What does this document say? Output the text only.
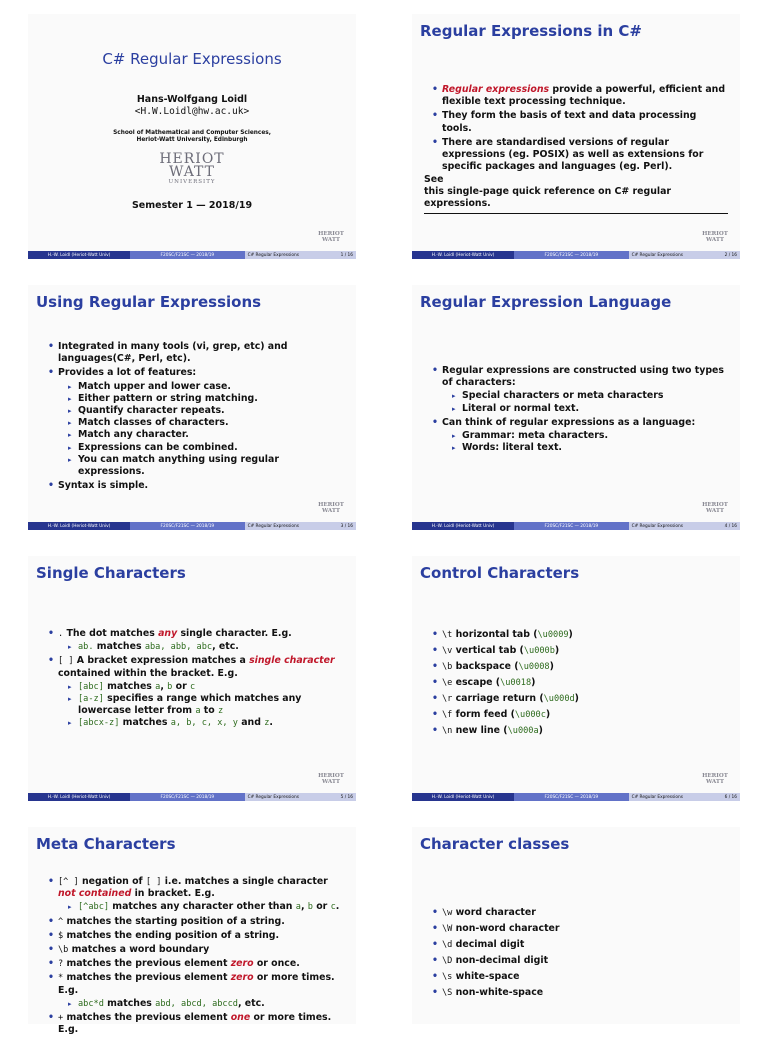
C# Regular Expressions
Hans-Wolfgang Loidl
<H.W.Loidl@hw.ac.uk>
School of Mathematical and Computer Sciences,
Heriot-Watt University, Edinburgh
HERIOT
WATT
UNIVERSITY
Semester 1 — 2018/19
HERIOT
WATT
H.-W. Loidl (Heriot-Watt Univ)	F20SC/F21SC — 2018/19	C# Regular Expressions	1 / 16
Regular Expressions in C#
• Regular expressions provide a powerful, efficient and flexible text processing technique.
• They form the basis of text and data processing tools.
• There are standardised versions of regular expressions (eg. POSIX) as well as extensions for specific packages and languages (eg. Perl).
See
this single-page quick reference on C# regular expressions.
HERIOT
WATT
H.-W. Loidl (Heriot-Watt Univ)	F20SC/F21SC — 2018/19	C# Regular Expressions	2 / 16
Using Regular Expressions
• Integrated in many tools (vi, grep, etc) and languages(C#, Perl, etc).
• Provides a lot of features:
▸ Match upper and lower case.
▸ Either pattern or string matching.
▸ Quantify character repeats.
▸ Match classes of characters.
▸ Match any character.
▸ Expressions can be combined.
▸ You can match anything using regular expressions.
• Syntax is simple.
HERIOT
WATT
H.-W. Loidl (Heriot-Watt Univ)	F20SC/F21SC — 2018/19	C# Regular Expressions	3 / 16
Regular Expression Language
• Regular expressions are constructed using two types of characters:
▸ Special characters or meta characters
▸ Literal or normal text.
• Can think of regular expressions as a language:
▸ Grammar: meta characters.
▸ Words: literal text.
HERIOT
WATT
H.-W. Loidl (Heriot-Watt Univ)	F20SC/F21SC — 2018/19	C# Regular Expressions	4 / 16
Single Characters
• . The dot matches any single character. E.g.
▸ ab. matches aba, abb, abc, etc.
• [ ] A bracket expression matches a single character contained within the bracket. E.g.
▸ [abc] matches a, b or c
▸ [a-z] specifies a range which matches any lowercase letter from a to z
▸ [abcx-z] matches a, b, c, x, y and z.
HERIOT
WATT
H.-W. Loidl (Heriot-Watt Univ)	F20SC/F21SC — 2018/19	C# Regular Expressions	5 / 16
Control Characters
• \t horizontal tab (\u0009)
• \v vertical tab (\u000b)
• \b backspace (\u0008)
• \e escape (\u0018)
• \r carriage return (\u000d)
• \f form feed (\u000c)
• \n new line (\u000a)
HERIOT
WATT
H.-W. Loidl (Heriot-Watt Univ)	F20SC/F21SC — 2018/19	C# Regular Expressions	6 / 16
Meta Characters
• [^ ] negation of [ ] i.e. matches a single character not contained in bracket. E.g.
▸ [^abc] matches any character other than a, b or c.
• ^ matches the starting position of a string.
• $ matches the ending position of a string.
• \b matches a word boundary
• ? matches the previous element zero or once.
• * matches the previous element zero or more times. E.g.
▸ abc*d matches abd, abcd, abccd, etc.
• + matches the previous element one or more times. E.g.
Character classes
• \w word character
• \W non-word character
• \d decimal digit
• \D non-decimal digit
• \s white-space
• \S non-white-space
